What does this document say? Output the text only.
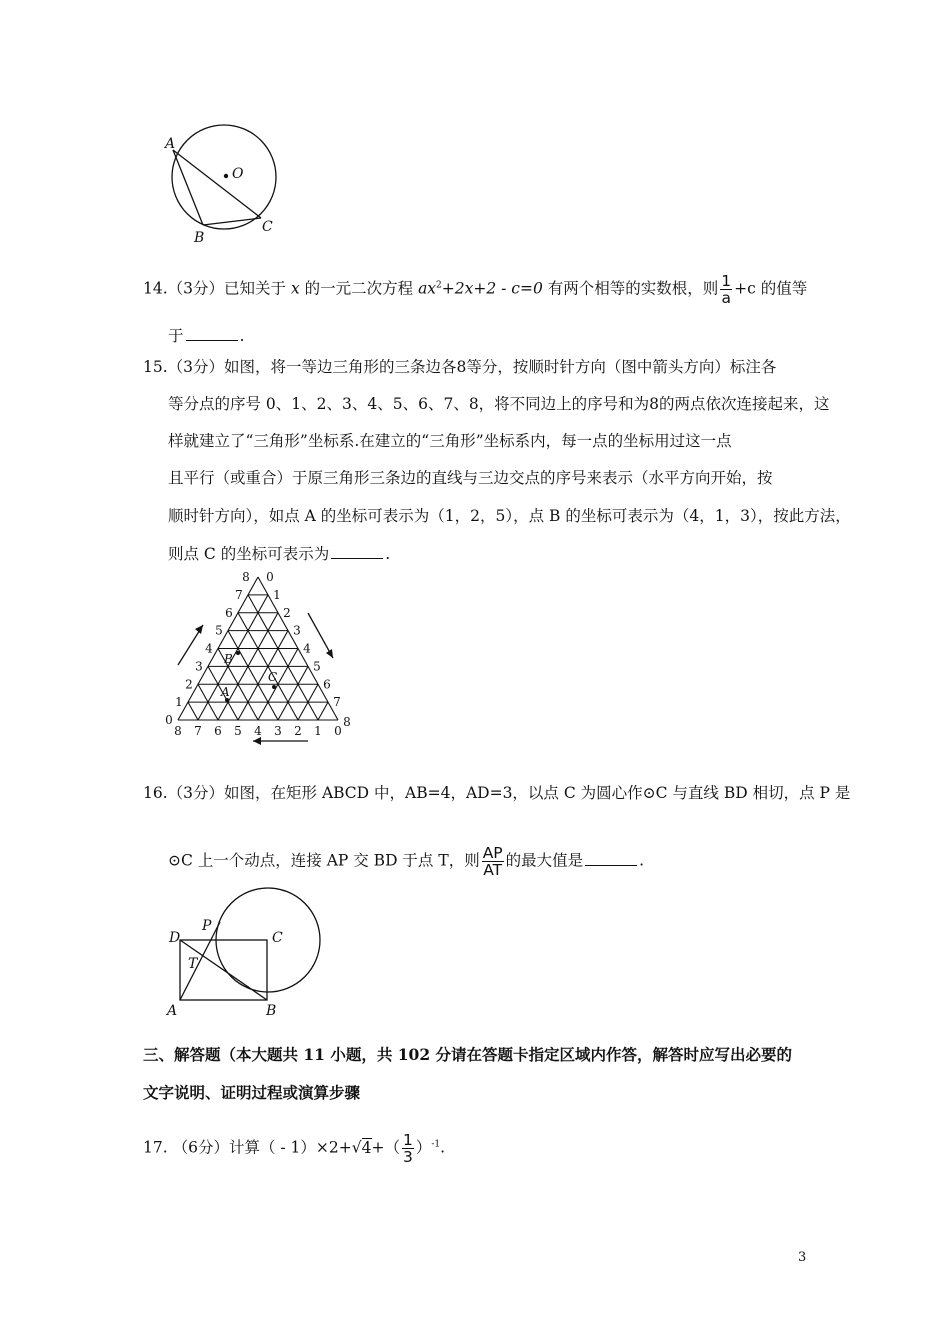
A
O
B
C
14.（3分）已知关于 x 的一元二次方程 $ax^2+2x+2$ ‐ c=0 有两个相等的实数根，则 $\frac{1}{a} +c$ 的值等
于	.
15.（3分）如图，将一等边三角形的三条边各8等分，按顺时针方向（图中箭头方向）标注各
等分点的序号 0、1、2、3、4、5、6、7、8，将不同边上的序号和为8的两点依次连接起来，这
样就建立了“三角形”坐标系.在建立的“三角形”坐标系内，每一点的坐标用过这一点
且平行（或重合）于原三角形三条边的直线与三边交点的序号来表示（水平方向开始，按
顺时针方向），如点 A 的坐标可表示为（1，2，5），点 B 的坐标可表示为（4，1，3），按此方法，
则点 C 的坐标可表示为	.
0
0
8
1
1
7
2
2
6
3
3
5
4	4
4
5
5
3
6
6
2
7
7
1
8
8
0
A
B
C
16.（3分）如图，在矩形 ABCD 中，AB=4，AD=3，以点 C 为圆心作⊙C 与直线 BD 相切，点 P 是
⊙C 上一个动点，连接 AP 交 BD 于点 T，则 $\frac{AP}{AT}$ 的最大值是	.
D
P
C
T
A	B
三、解答题（本大题共 11 小题，共 102 分请在答题卡指定区域内作答，解答时应写出必要的
文字说明、证明过程或演算步骤
17. （6分）计算（ ‐ $1)\times 2+√4+( \frac{1}{3} )^{‐1}$.
3
